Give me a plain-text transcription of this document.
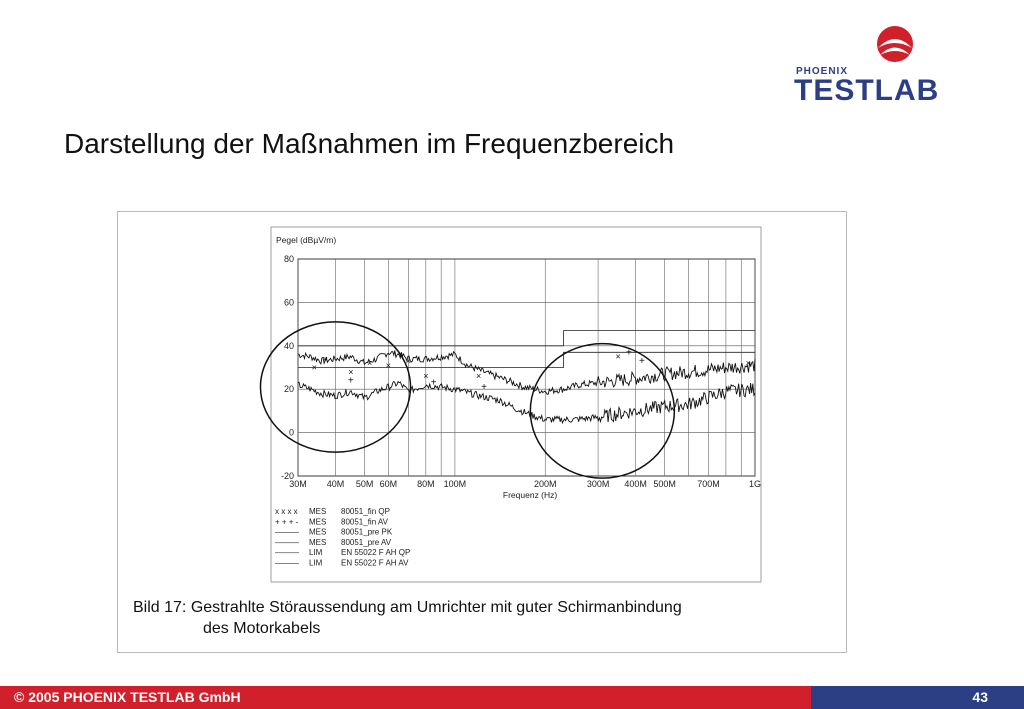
PHOENIX
TESTLAB
Darstellung der Maßnahmen im Frequenzbereich
Pegel (dBµV/m)
80
60
40
20
0
-20
30M 40M 50M 60M 80M 100M	200M	300M 400M 500M 700M	1G
Frequenz (Hz)
×
×
×
× × ×
×	×
×
×
+	+	+
+
+
x x x x MES 80051_fin QP
+ + + - MES 80051_fin AV
——— MES 80051_pre PK
——— MES 80051_pre AV
——— LIM EN 55022 F AH QP
——— LIM EN 55022 F AH AV
Bild 17: Gestrahlte Störaussendung am Umrichter mit guter Schirmanbindung
des Motorkabels
© 2005 PHOENIX TESTLAB GmbH	43
